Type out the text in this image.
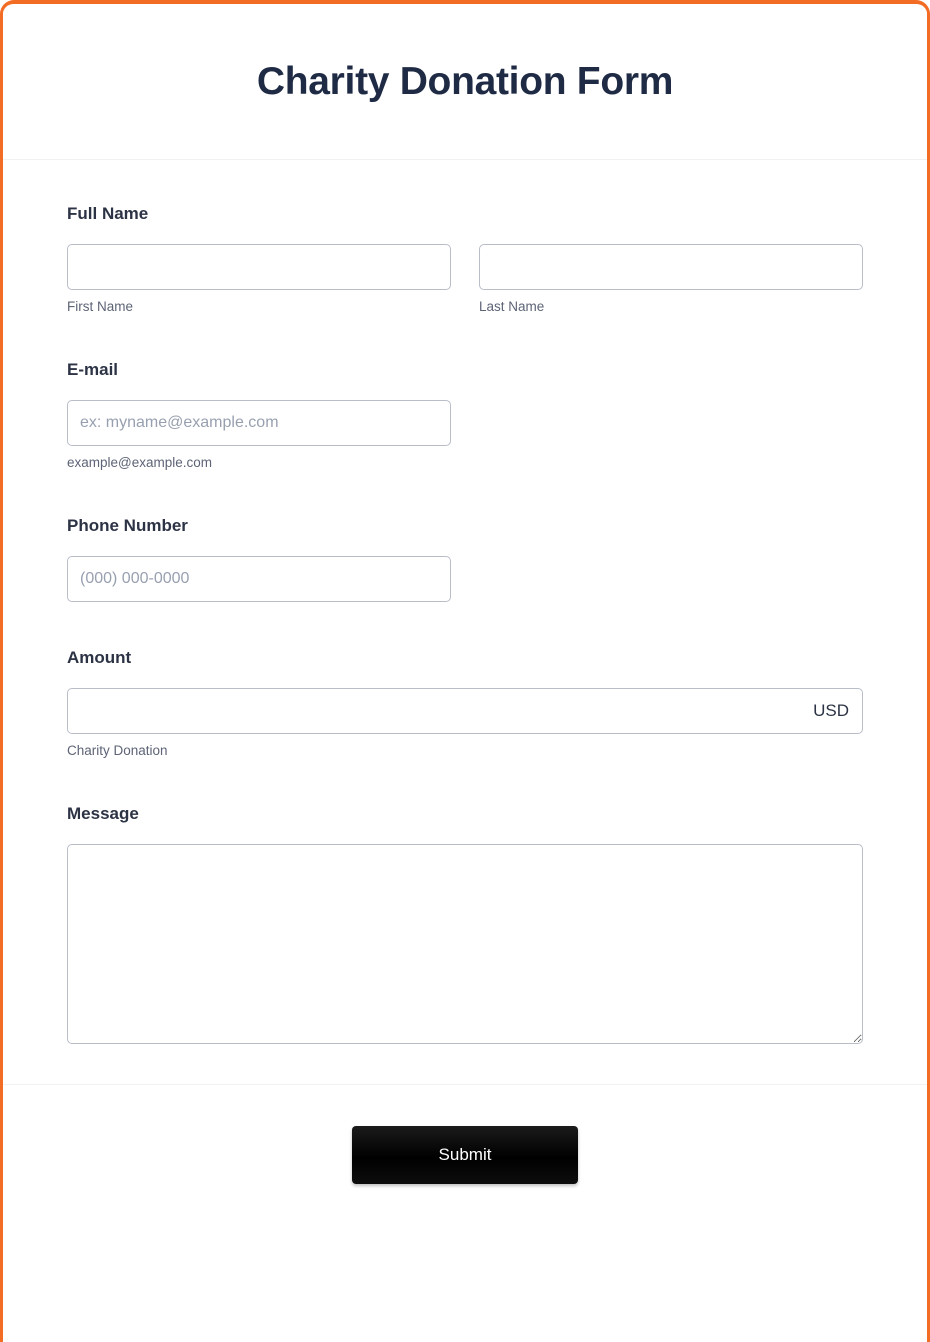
Charity Donation Form
Full Name
First Name	Last Name
E-mail
ex: myname@example.com
example@example.com
Phone Number
(000) 000-0000
Amount
USD
Charity Donation
Message
Submit
